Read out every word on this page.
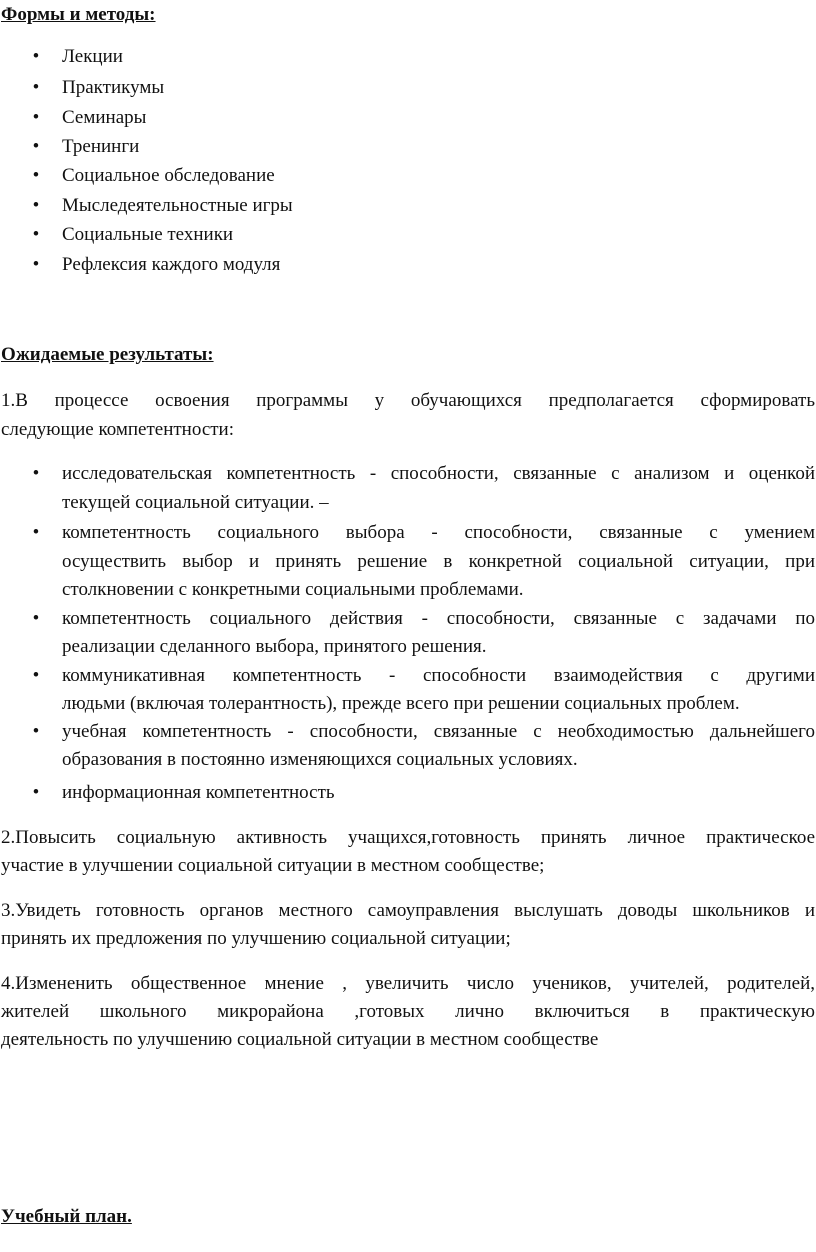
Формы и методы:
• Лекции
• Практикумы
• Семинары
• Тренинги
• Социальное обследование
• Мыследеятельностные игры
• Социальные техники
• Рефлексия каждого модуля
Ожидаемые результаты:
1.В процессе освоения программы у обучающихся предполагается сформировать
следующие компетентности:
• исследовательская компетентность - способности, связанные с анализом и оценкой
текущей социальной ситуации. –
• компетентность социального выбора - способности, связанные с умением
осуществить выбор и принять решение в конкретной социальной ситуации, при
столкновении с конкретными социальными проблемами.
• компетентность социального действия - способности, связанные с задачами по
реализации сделанного выбора, принятого решения.
• коммуникативная компетентность - способности взаимодействия с другими
людьми (включая толерантность), прежде всего при решении социальных проблем.
• учебная компетентность - способности, связанные с необходимостью дальнейшего
образования в постоянно изменяющихся социальных условиях.
• информационная компетентность
2.Повысить социальную активность учащихся,готовность принять личное практическое
участие в улучшении социальной ситуации в местном сообществе;
3.Увидеть готовность органов местного самоуправления выслушать доводы школьников и
принять их предложения по улучшению социальной ситуации;
4.Измененить общественное мнение , увеличить число учеников, учителей, родителей,
жителей школьного микрорайона ,готовых лично включиться в практическую
деятельность по улучшению социальной ситуации в местном сообществе
Учебный план.
